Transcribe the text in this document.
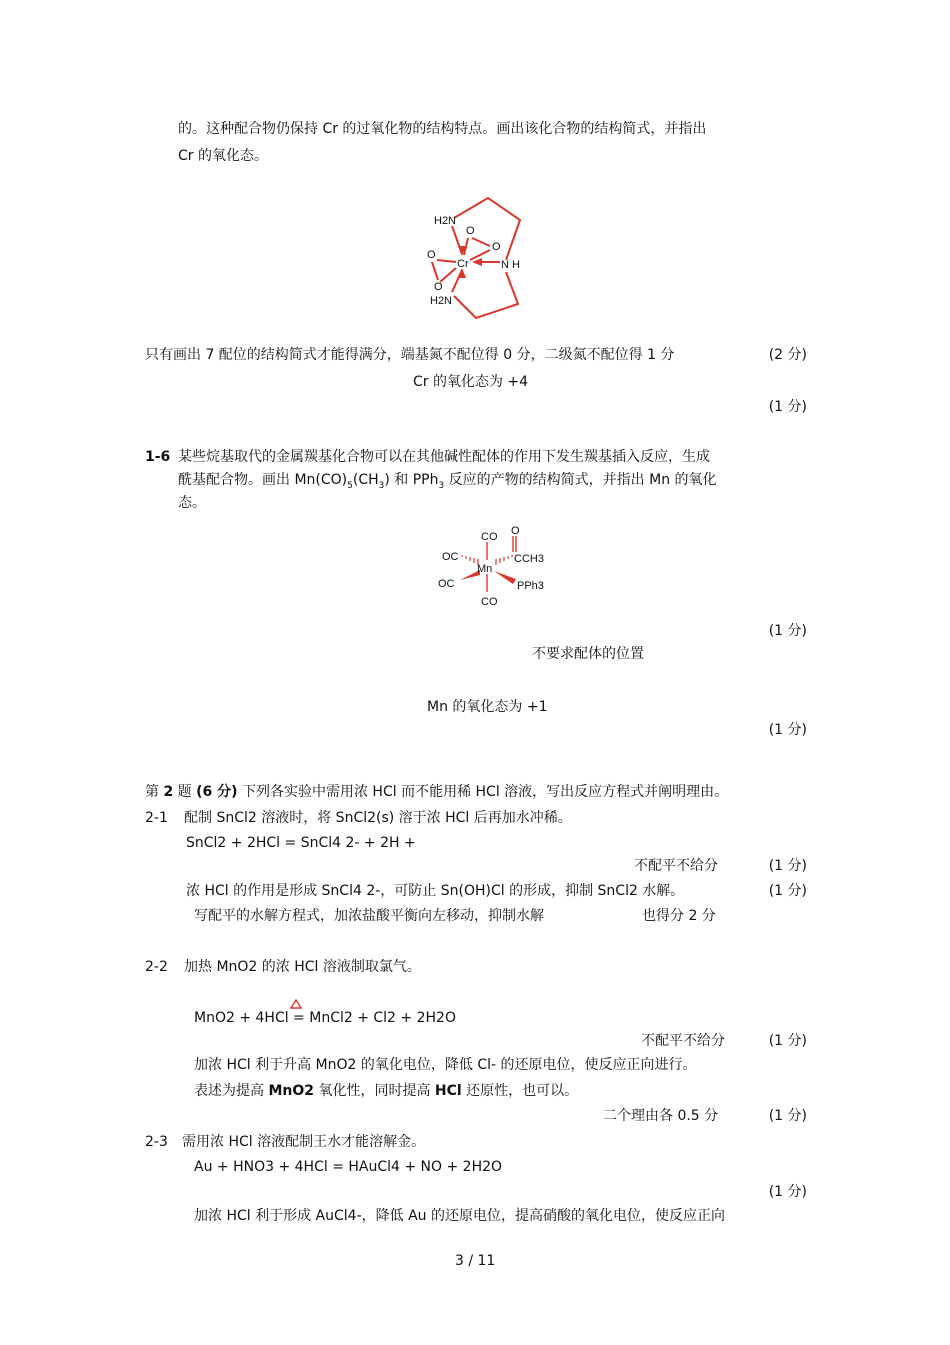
的。这种配合物仍保持 Cr 的过氧化物的结构特点。画出该化合物的结构简式，并指出
Cr 的氧化态。
H2N
O
O
O
Cr	N H
O
H2N
只有画出 7 配位的结构简式才能得满分，端基氮不配位得 0 分，二级氮不配位得 1 分	(2 分)
Cr 的氧化态为 +4
(1 分)
1-6 某些烷基取代的金属羰基化合物可以在其他碱性配体的作用下发生羰基插入反应，生成
酰基配合物。画出 $Mn(CO)_5(CH_3)$ 和 PPh$_3$ 反应的产物的结构简式，并指出 Mn 的氧化
态。
CO O
OC	CCH3
Mn
OC	PPh3
CO
(1 分)
不要求配体的位置
Mn 的氧化态为 +1
(1 分)
第 2 题 (6 分) 下列各实验中需用浓 HCl 而不能用稀 HCl 溶液，写出反应方程式并阐明理由。
2-1 配制 SnCl2 溶液时，将 SnCl2(s) 溶于浓 HCl 后再加水冲稀。
SnCl2 + 2HCl = SnCl4 2- + 2H +
不配平不给分	(1 分)
浓 HCl 的作用是形成 SnCl4 2-，可防止 Sn(OH)Cl 的形成，抑制 SnCl2 水解。	(1 分)
写配平的水解方程式，加浓盐酸平衡向左移动，抑制水解	也得分 2 分
2-2 加热 MnO2 的浓 HCl 溶液制取氯气。
MnO2 + 4HCl = MnCl2 + Cl2 + 2H2O
不配平不给分	(1 分)
加浓 HCl 利于升高 MnO2 的氧化电位，降低 Cl- 的还原电位，使反应正向进行。
表述为提高 MnO2 氧化性，同时提高 HCl 还原性，也可以。
二个理由各 0.5 分	(1 分)
2-3 需用浓 HCl 溶液配制王水才能溶解金。
Au + HNO3 + 4HCl = HAuCl4 + NO + 2H2O
(1 分)
加浓 HCl 利于形成 AuCl4-，降低 Au 的还原电位，提高硝酸的氧化电位，使反应正向
3 / 11
